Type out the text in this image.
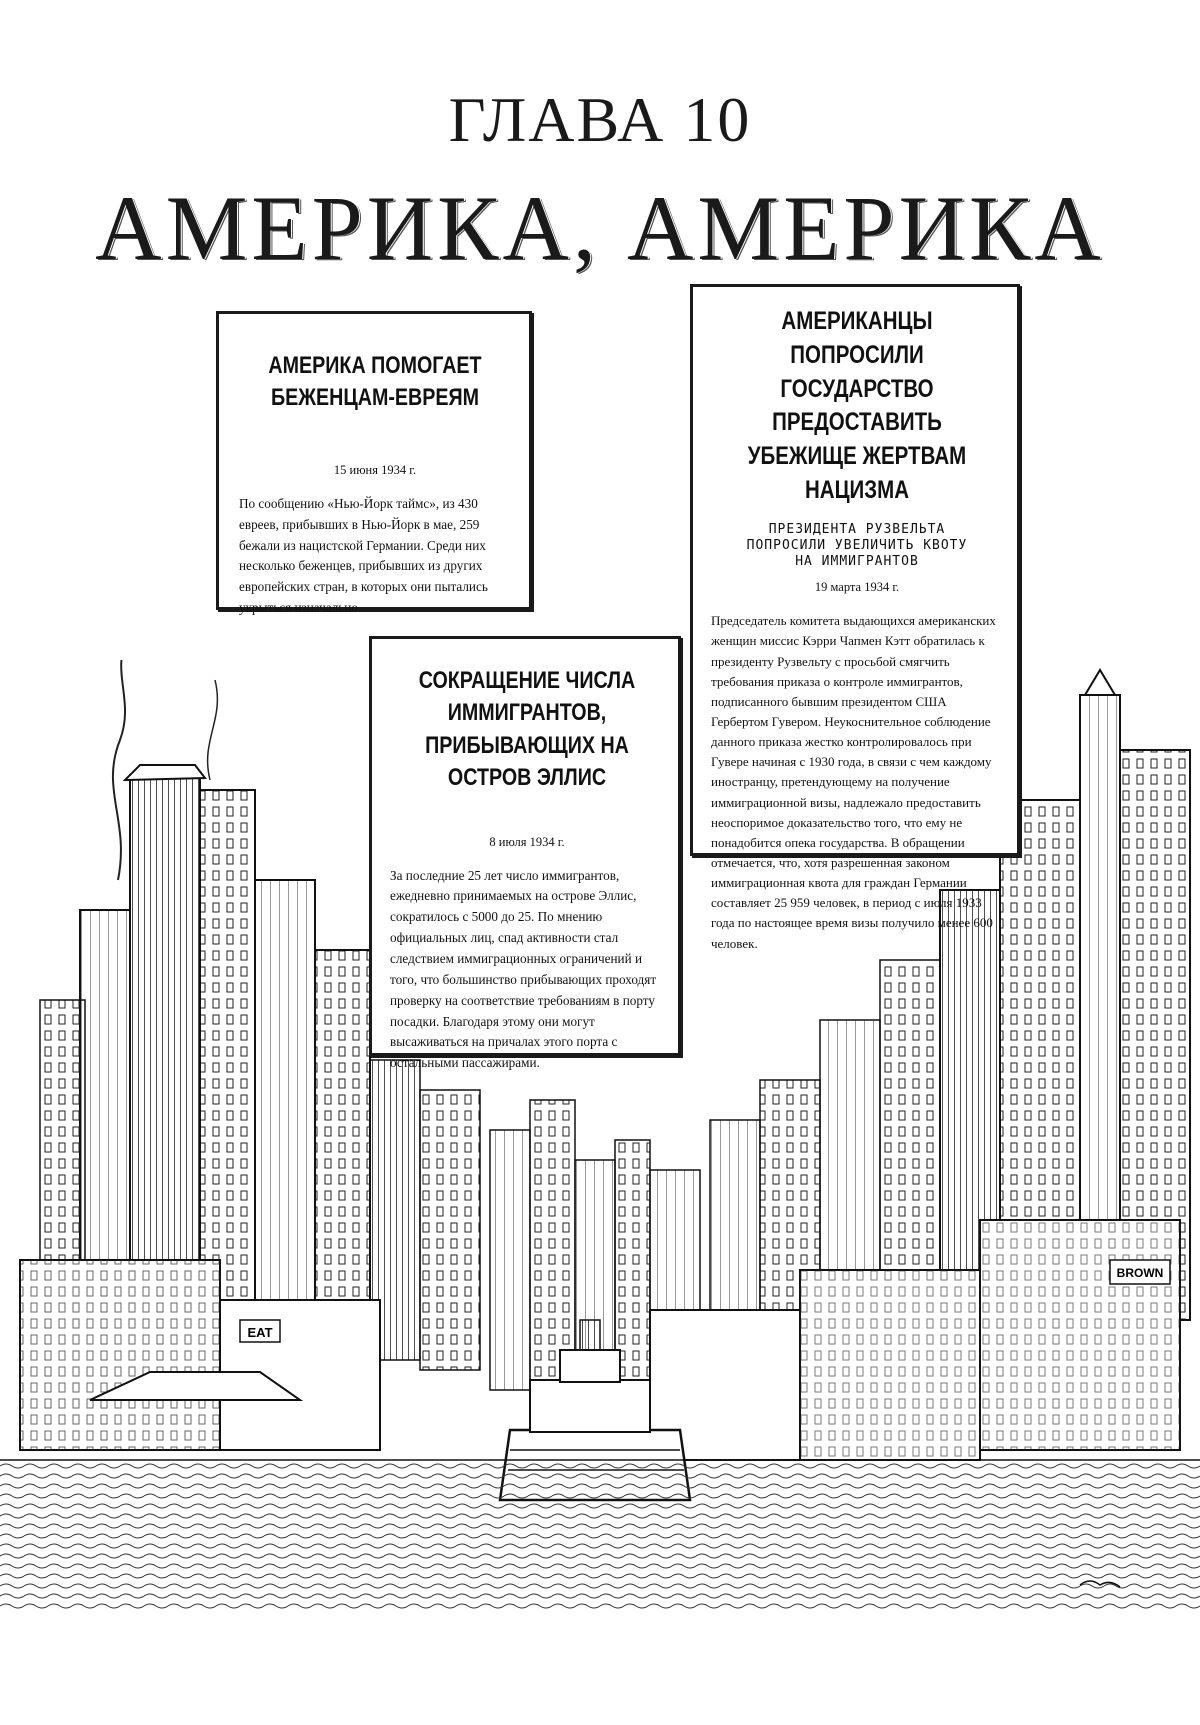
EAT
BROWN
ГЛАВА 10
АМЕРИКА, АМЕРИКА
АМЕРИКА ПОМОГАЕТ БЕЖЕНЦАМ-ЕВРЕЯМ
15 июня 1934 г.

По сообщению «Нью-Йорк таймс», из 430 евреев, прибывших в Нью-Йорк в мае, 259 бежали из нацистской Германии. Среди них несколько беженцев, прибывших из других европейских стран, в которых они пытались укрыться изначально.

АМЕРИКАНЦЫ ПОПРОСИЛИ ГОСУДАРСТВО ПРЕДОСТАВИТЬ УБЕЖИЩЕ ЖЕРТВАМ НАЦИЗМА
ПРЕЗИДЕНТА РУЗВЕЛЬТА
ПОПРОСИЛИ УВЕЛИЧИТЬ КВОТУ
НА ИММИГРАНТОВ
19 марта 1934 г.

Председатель комитета выдающихся американских женщин миссис Кэрри Чапмен Кэтт обратилась к президенту Рузвельту с просьбой смягчить требования приказа о контроле иммигрантов, подписанного бывшим президентом США Гербертом Гувером. Неукоснительное соблюдение данного приказа жестко контролировалось при Гувере начиная с 1930 года, в связи с чем каждому иностранцу, претендующему на получение иммиграционной визы, надлежало предоставить неоспоримое доказательство того, что ему не понадобится опека государства. В обращении отмечается, что, хотя разрешенная законом иммиграционная квота для граждан Германии составляет 25 959 человек, в период с июля 1933 года по настоящее время визы получило менее 600 человек.

СОКРАЩЕНИЕ ЧИСЛА ИММИГРАНТОВ, ПРИБЫВАЮЩИХ НА ОСТРОВ ЭЛЛИС
8 июля 1934 г.

За последние 25 лет число иммигрантов, ежедневно принимаемых на острове Эллис, сократилось с 5000 до 25. По мнению официальных лиц, спад активности стал следствием иммиграционных ограничений и того, что большинство прибывающих проходят проверку на соответствие требованиям в порту посадки. Благодаря этому они могут высаживаться на причалах этого порта с остальными пассажирами.
